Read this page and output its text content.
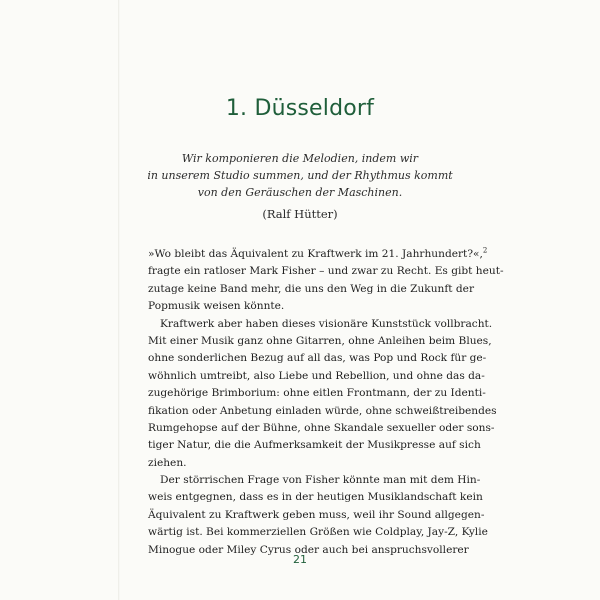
1. Düsseldorf
Wir komponieren die Melodien, indem wir
in unserem Studio summen, und der Rhythmus kommt
von den Geräuschen der Maschinen.
(Ralf Hütter)

»Wo bleibt das Äquivalent zu Kraftwerk im 21. Jahrhundert?«,$^2$
fragte ein ratloser Mark Fisher – und zwar zu Recht. Es gibt heut-
zutage keine Band mehr, die uns den Weg in die Zukunft der
Popmusik weisen könnte.

Kraftwerk aber haben dieses visionäre Kunststück vollbracht.
Mit einer Musik ganz ohne Gitarren, ohne Anleihen beim Blues,
ohne sonderlichen Bezug auf all das, was Pop und Rock für ge-
wöhnlich umtreibt, also Liebe und Rebellion, und ohne das da-
zugehörige Brimborium: ohne eitlen Frontmann, der zu Identi-
fikation oder Anbetung einladen würde, ohne schweißtreibendes
Rumgehopse auf der Bühne, ohne Skandale sexueller oder sons-
tiger Natur, die die Aufmerksamkeit der Musikpresse auf sich
ziehen.

Der störrischen Frage von Fisher könnte man mit dem Hin-
weis entgegnen, dass es in der heutigen Musiklandschaft kein
Äquivalent zu Kraftwerk geben muss, weil ihr Sound allgegen-
wärtig ist. Bei kommerziellen Größen wie Coldplay, Jay-Z, Kylie
Minogue oder Miley Cyrus oder auch bei anspruchsvollerer

21
